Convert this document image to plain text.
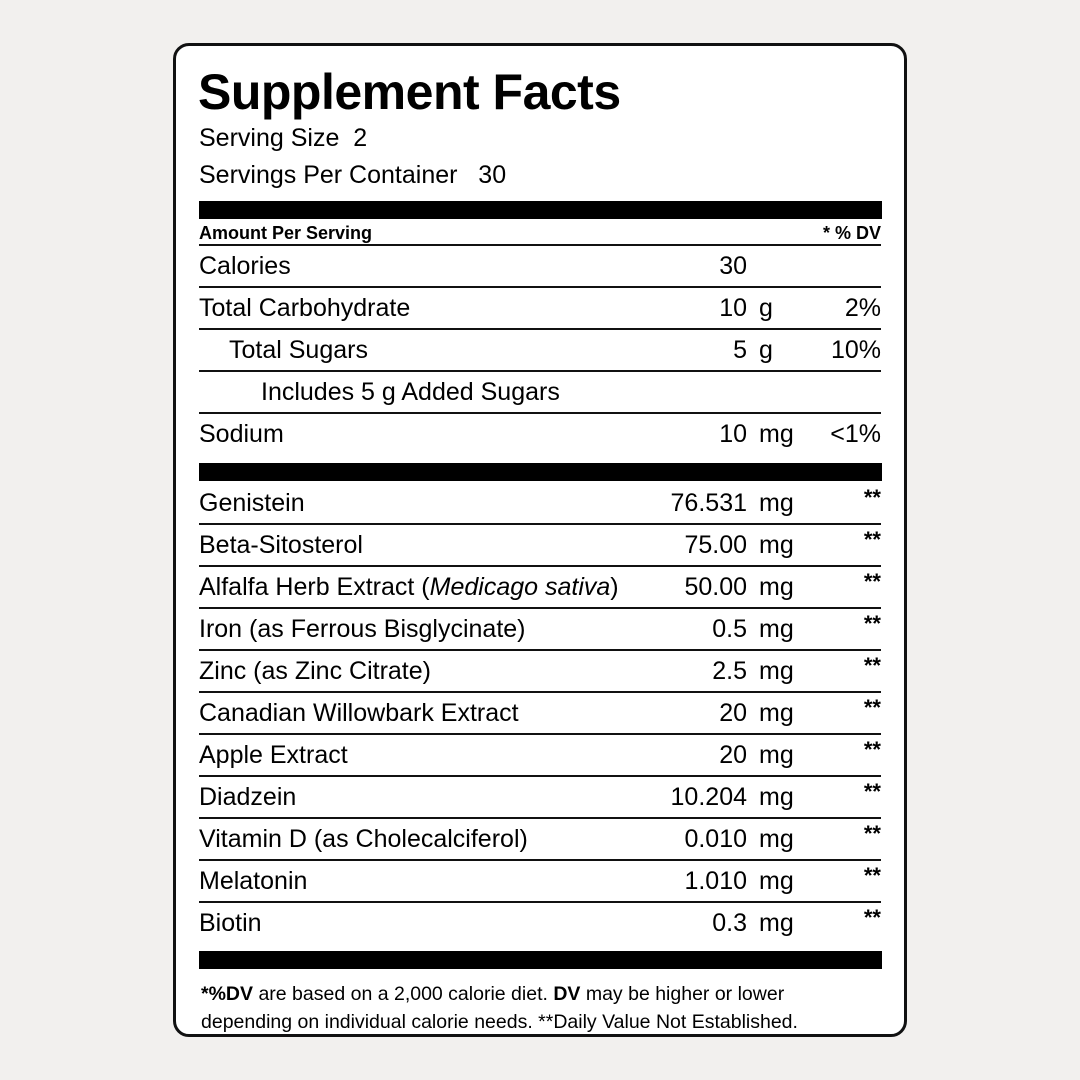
Supplement Facts
Serving Size  2
Servings Per Container   30
Amount Per Serving	* % DV
Calories	30
Total Carbohydrate	10 g	2%
Total Sugars	5 g	10%
Includes 5 g Added Sugars
Sodium	10 mg	<1%
Genistein	76.531 mg	**
Beta-Sitosterol	75.00 mg	**
Alfalfa Herb Extract (Medicago sativa)	50.00 mg	**
Iron (as Ferrous Bisglycinate)	0.5 mg	**
Zinc (as Zinc Citrate)	2.5 mg	**
Canadian Willowbark Extract	20 mg	**
Apple Extract	20 mg	**
Diadzein	10.204 mg	**
Vitamin D (as Cholecalciferol)	0.010 mg	**
Melatonin	1.010 mg	**
Biotin	0.3 mg	**
*%DV are based on a 2,000 calorie diet. DV may be higher or lower depending on individual calorie needs. **Daily Value Not Established.
